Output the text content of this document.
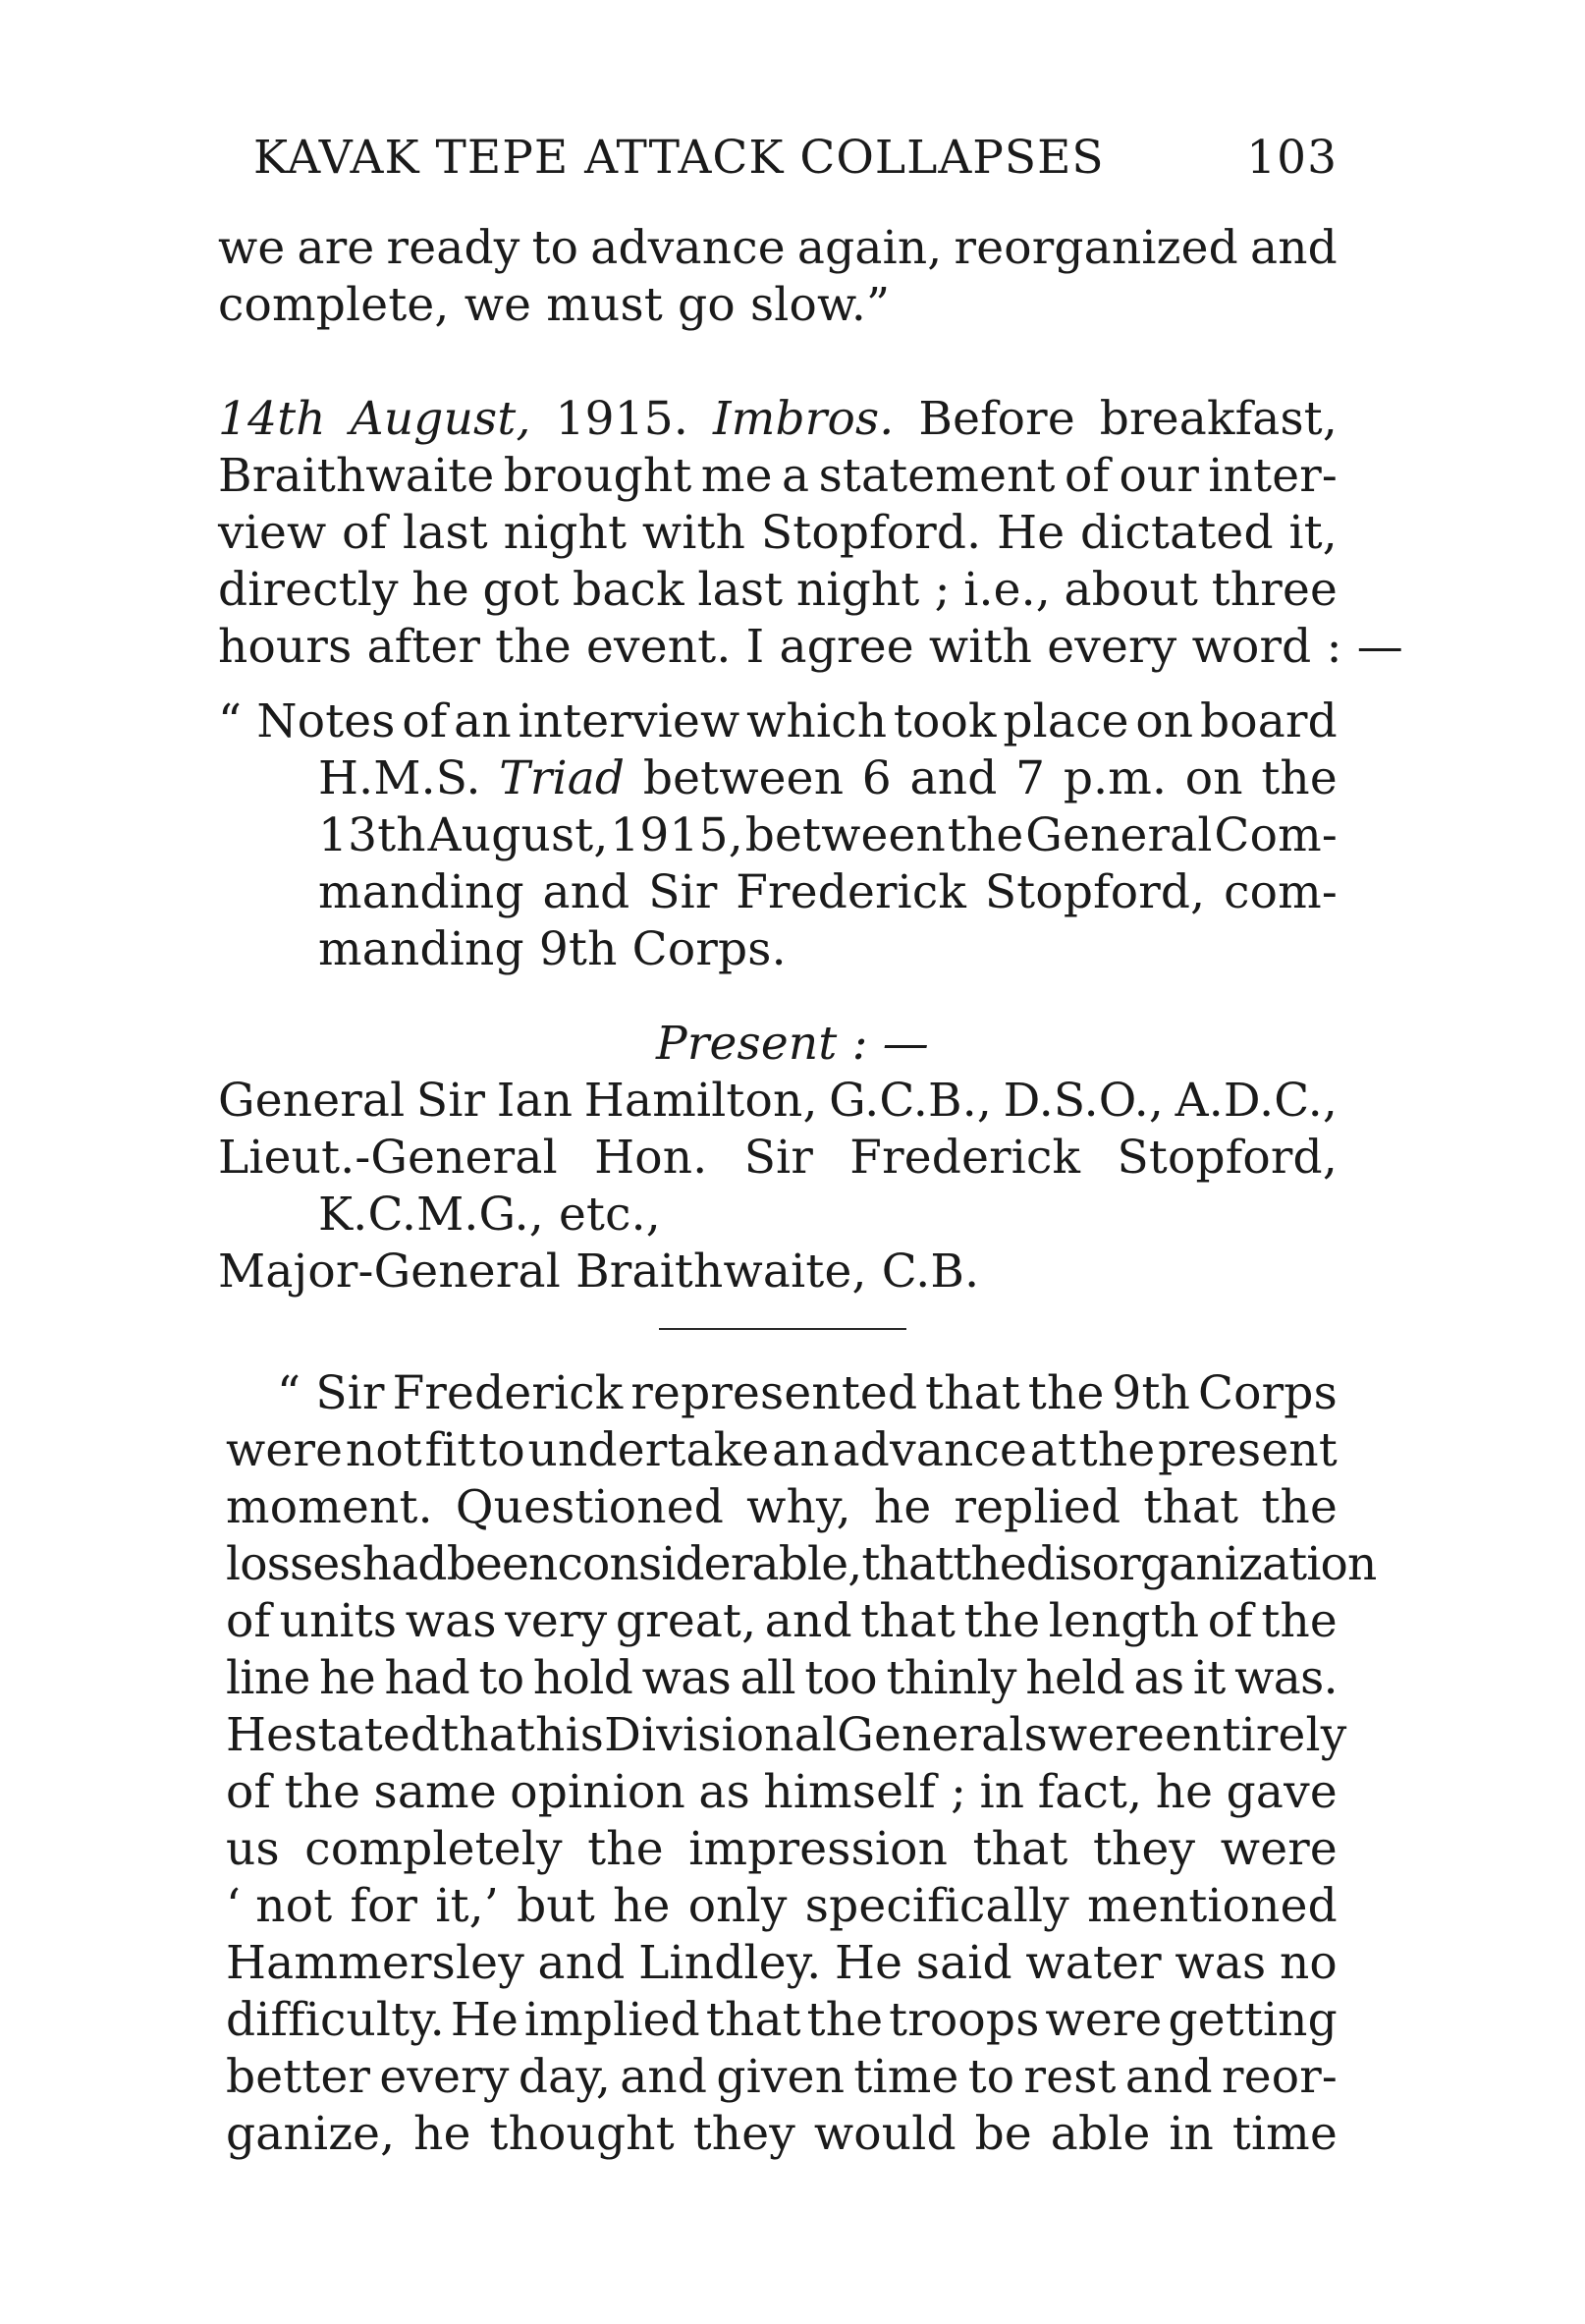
KAVAK TEPE ATTACK COLLAPSES	103
we are ready to advance again, reorganized and
complete, we must go slow.”
14th August, 1915. Imbros. Before breakfast,
Braithwaite brought me a statement of our inter-
view of last night with Stopford. He dictated it,
directly he got back last night ; i.e., about three
hours after the event. I agree with every word : —
“ Notes of an interview which took place on board
H.M.S. Triad between 6 and 7 p.m. on the
13th August, 1915, between the General Com-
manding and Sir Frederick Stopford, com-
manding 9th Corps.
Present : —
General Sir Ian Hamilton, G.C.B., D.S.O., A.D.C.,
Lieut.-General Hon. Sir Frederick Stopford,
K.C.M.G., etc.,
Major-General Braithwaite, C.B.
“ Sir Frederick represented that the 9th Corps
were not fit to undertake an advance at the present
moment. Questioned why, he replied that the
losses had been considerable, that the disorganization
of units was very great, and that the length of the
line he had to hold was all too thinly held as it was.
He stated that his Divisional Generals were entirely
of the same opinion as himself ; in fact, he gave
us completely the impression that they were
‘ not for it,’ but he only specifically mentioned
Hammersley and Lindley. He said water was no
difficulty. He implied that the troops were getting
better every day, and given time to rest and reor-
ganize, he thought they would be able in time
